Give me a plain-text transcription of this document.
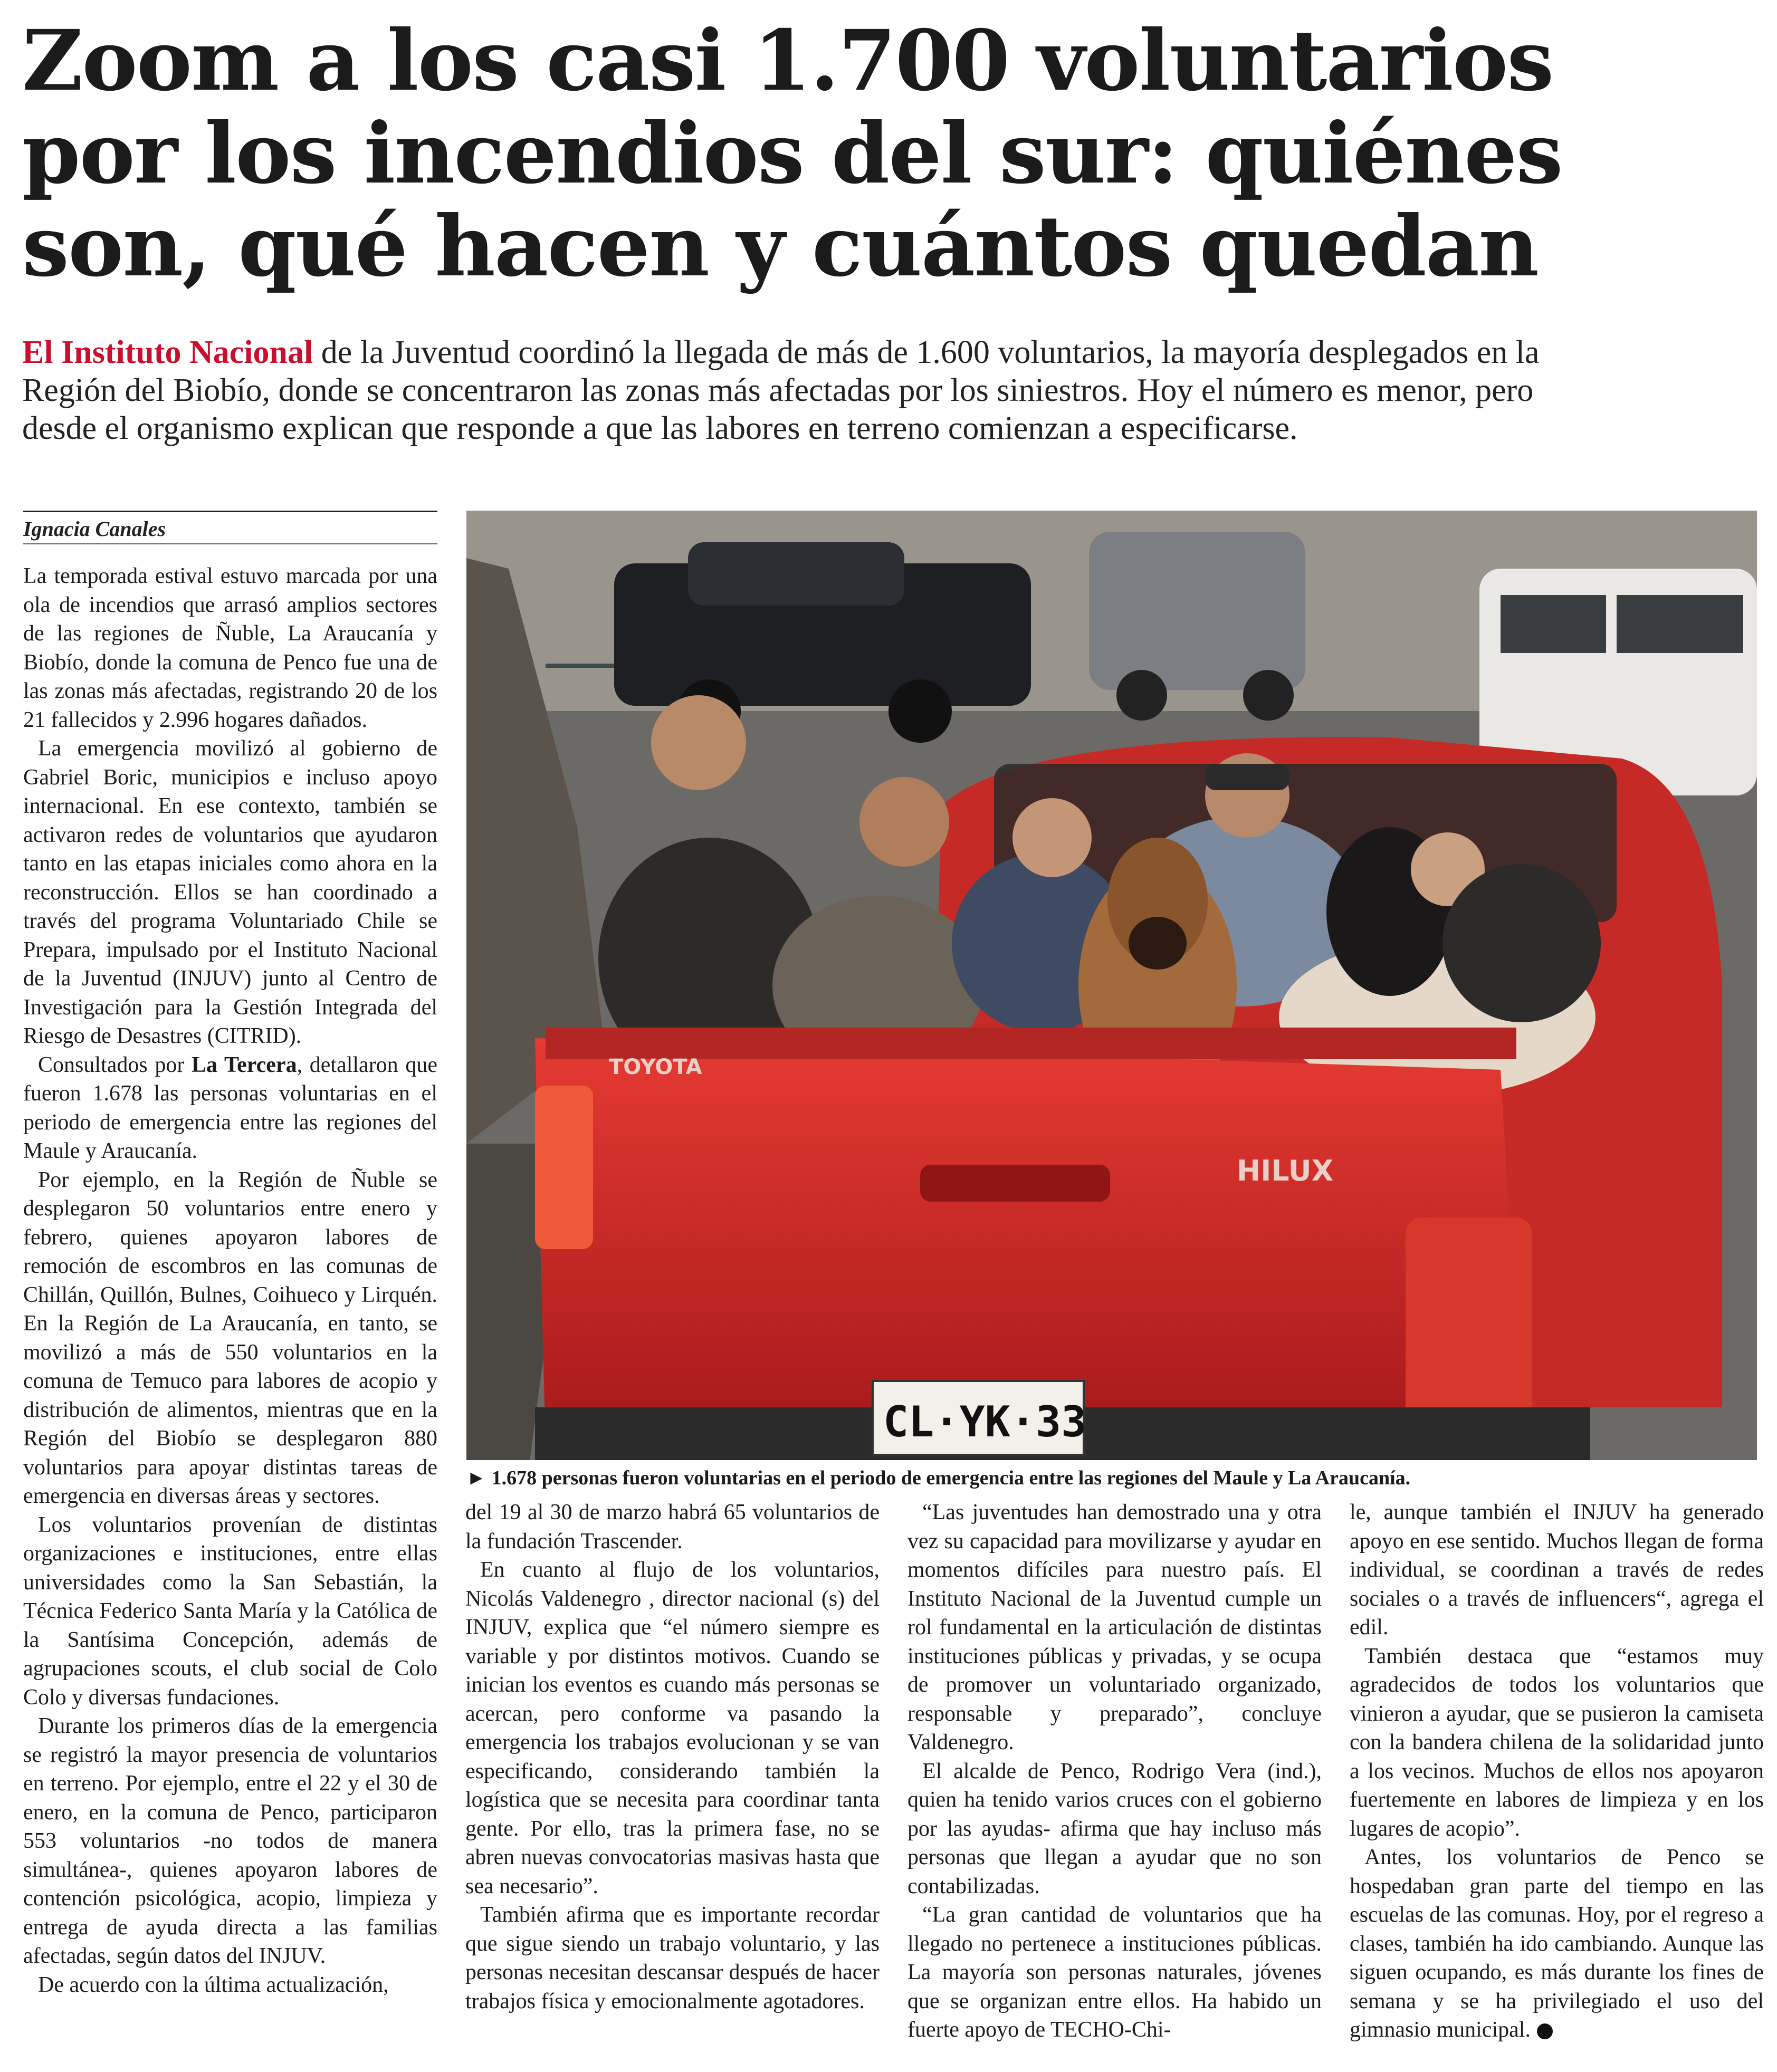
Zoom a los casi 1.700 voluntarios por los incendios del sur: quiénes son, qué hacen y cuántos quedan

El Instituto Nacional de la Juventud coordinó la llegada de más de 1.600 voluntarios, la mayoría desplegados en la Región del Biobío, donde se concentraron las zonas más afectadas por los siniestros. Hoy el número es menor, pero desde el organismo explican que responde a que las labores en terreno comienzan a especificarse.

Ignacia Canales

La temporada estival estuvo marcada por una ola de incendios que arrasó amplios sectores de las regiones de Ñuble, La Araucanía y Biobío, donde la comuna de Penco fue una de las zonas más afectadas, registrando 20 de los 21 fallecidos y 2.996 hogares dañados.

La emergencia movilizó al gobierno de Gabriel Boric, municipios e incluso apoyo internacional. En ese contexto, también se activaron redes de voluntarios que ayudaron tanto en las etapas iniciales como ahora en la reconstrucción. Ellos se han coordinado a través del programa Voluntariado Chile se Prepara, impulsado por el Instituto Nacional de la Juventud (INJUV) junto al Centro de Investigación para la Gestión Integrada del Riesgo de Desastres (CITRID).

Consultados por La Tercera, detallaron que fueron 1.678 las personas voluntarias en el periodo de emergencia entre las regiones del Maule y Araucanía.

Por ejemplo, en la Región de Ñuble se desplegaron 50 voluntarios entre enero y febrero, quienes apoyaron labores de remoción de escombros en las comunas de Chillán, Quillón, Bulnes, Coihueco y Lirquén. En la Región de La Araucanía, en tanto, se movilizó a más de 550 voluntarios en la comuna de Temuco para labores de acopio y distribución de alimentos, mientras que en la Región del Biobío se desplegaron 880 voluntarios para apoyar distintas tareas de emergencia en diversas áreas y sectores.

Los voluntarios provenían de distintas organizaciones e instituciones, entre ellas universidades como la San Sebastián, la Técnica Federico Santa María y la Católica de la Santísima Concepción, además de agrupaciones scouts, el club social de Colo Colo y diversas fundaciones.

Durante los primeros días de la emergencia se registró la mayor presencia de voluntarios en terreno. Por ejemplo, entre el 22 y el 30 de enero, en la comuna de Penco, participaron 553 voluntarios -no todos de manera simultánea-, quienes apoyaron labores de contención psicológica, acopio, limpieza y entrega de ayuda directa a las familias afectadas, según datos del INJUV.

De acuerdo con la última actualización,

TOYOTA
HILUX
CL·YK·33
► 1.678 personas fueron voluntarias en el periodo de emergencia entre las regiones del Maule y La Araucanía.

del 19 al 30 de marzo habrá 65 voluntarios de la fundación Trascender.

En cuanto al flujo de los voluntarios, Nicolás Valdenegro , director nacional (s) del INJUV, explica que “el número siempre es variable y por distintos motivos. Cuando se inician los eventos es cuando más personas se acercan, pero conforme va pasando la emergencia los trabajos evolucionan y se van especificando, considerando también la logística que se necesita para coordinar tanta gente. Por ello, tras la primera fase, no se abren nuevas convocatorias masivas hasta que sea necesario”.

También afirma que es importante recordar que sigue siendo un trabajo voluntario, y las personas necesitan descansar después de hacer trabajos física y emocionalmente agotadores.

“Las juventudes han demostrado una y otra vez su capacidad para movilizarse y ayudar en momentos difíciles para nuestro país. El Instituto Nacional de la Juventud cumple un rol fundamental en la articulación de distintas instituciones públicas y privadas, y se ocupa de promover un voluntariado organizado, responsable y preparado”, concluye Valdenegro.

El alcalde de Penco, Rodrigo Vera (ind.), quien ha tenido varios cruces con el gobierno por las ayudas- afirma que hay incluso más personas que llegan a ayudar que no son contabilizadas.

“La gran cantidad de voluntarios que ha llegado no pertenece a instituciones públicas. La mayoría son personas naturales, jóvenes que se organizan entre ellos. Ha habido un fuerte apoyo de TECHO-Chi-

le, aunque también el INJUV ha generado apoyo en ese sentido. Muchos llegan de forma individual, se coordinan a través de redes sociales o a través de influencers“, agrega el edil.

También destaca que “estamos muy agradecidos de todos los voluntarios que vinieron a ayudar, que se pusieron la camiseta con la bandera chilena de la solidaridad junto a los vecinos. Muchos de ellos nos apoyaron fuertemente en labores de limpieza y en los lugares de acopio”.

Antes, los voluntarios de Penco se hospedaban gran parte del tiempo en las escuelas de las comunas. Hoy, por el regreso a clases, también ha ido cambiando. Aunque las siguen ocupando, es más durante los fines de semana y se ha privilegiado el uso del gimnasio municipal.
